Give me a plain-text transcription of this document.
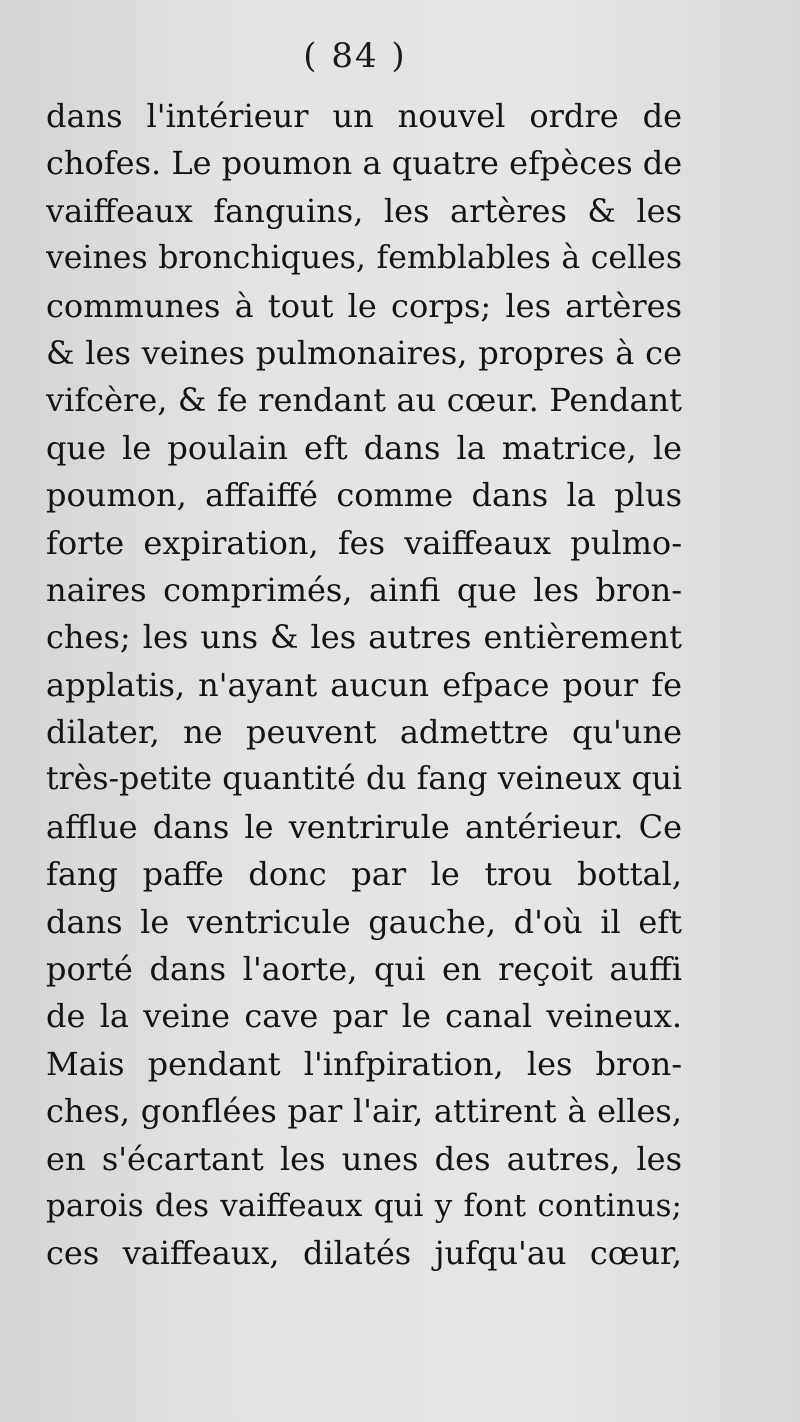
( 84 )
dans l'intérieur un nouvel ordre de
chofes. Le poumon a quatre efpèces de
vaiffeaux fanguins, les artères & les
veines bronchiques, femblables à celles
communes à tout le corps; les artères
& les veines pulmonaires, propres à ce
vifcère, & fe rendant au cœur. Pendant
que le poulain eft dans la matrice, le
poumon, affaiffé comme dans la plus
forte expiration, fes vaiffeaux pulmo-
naires comprimés, ainfi que les bron-
ches; les uns & les autres entièrement
applatis, n'ayant aucun efpace pour fe
dilater, ne peuvent admettre qu'une
très-petite quantité du fang veineux qui
afflue dans le ventrirule antérieur. Ce
fang paffe donc par le trou bottal,
dans le ventricule gauche, d'où il eft
porté dans l'aorte, qui en reçoit auffi
de la veine cave par le canal veineux.
Mais pendant l'infpiration, les bron-
ches, gonflées par l'air, attirent à elles,
en s'écartant les unes des autres, les
parois des vaiffeaux qui y font continus;
ces vaiffeaux, dilatés jufqu'au cœur,
